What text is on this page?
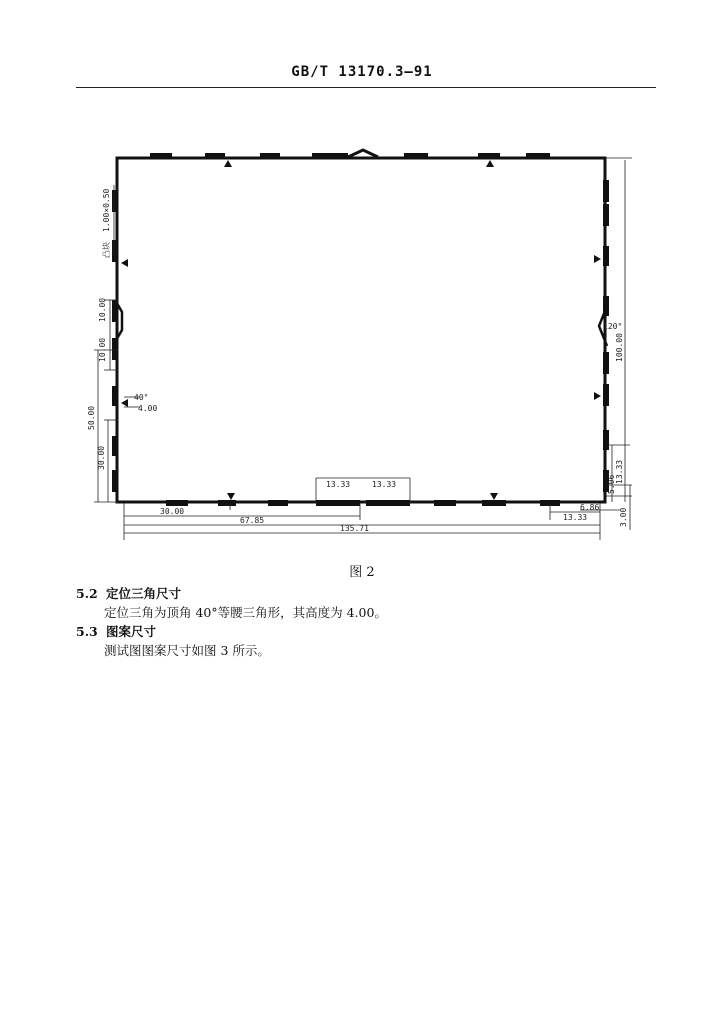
GB/T 13170.3—91
凸块
1.00×0.50
10.00
10.00
50.00
30.00
40°
4.00
120°
100.00
13.33
5.06
3.00
30.00
67.85
135.71
13.33	13.33
6.86
13.33
图 2
5.2 定位三角尺寸
定位三角为顶角 40°等腰三角形，其高度为 4.00。
5.3 图案尺寸
测试图图案尺寸如图 3 所示。
